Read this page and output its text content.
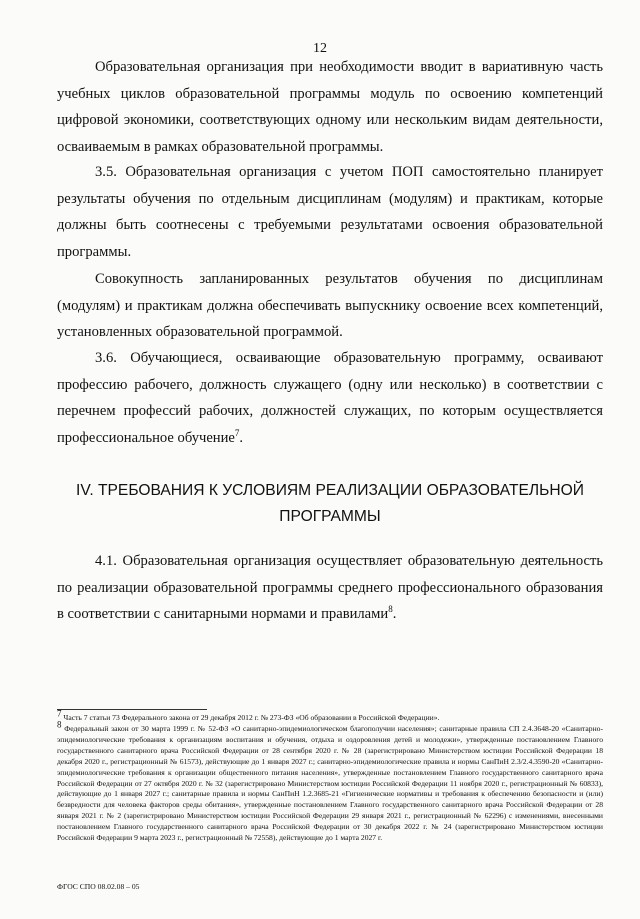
12

Образовательная организация при необходимости вводит в вариативную часть учебных циклов образовательной программы модуль по освоению компетенций цифровой экономики, соответствующих одному или нескольким видам деятельности, осваиваемым в рамках образовательной программы.

3.5. Образовательная организация с учетом ПОП самостоятельно планирует результаты обучения по отдельным дисциплинам (модулям) и практикам, которые должны быть соотнесены с требуемыми результатами освоения образовательной программы.

Совокупность запланированных результатов обучения по дисциплинам (модулям) и практикам должна обеспечивать выпускнику освоение всех компетенций, установленных образовательной программой.

3.6. Обучающиеся, осваивающие образовательную программу, осваивают профессию рабочего, должность служащего (одну или несколько) в соответствии с перечнем профессий рабочих, должностей служащих, по которым осуществляется профессиональное обучение$^7$.

IV. ТРЕБОВАНИЯ К УСЛОВИЯМ РЕАЛИЗАЦИИ ОБРАЗОВАТЕЛЬНОЙ ПРОГРАММЫ

4.1. Образовательная организация осуществляет образовательную деятельность по реализации образовательной программы среднего профессионального образования в соответствии с санитарными нормами и правилами$^8$.

$^7$ Часть 7 статьи 73 Федерального закона от 29 декабря 2012 г. № 273-ФЗ «Об образовании в Российской Федерации».

$^8$ Федеральный закон от 30 марта 1999 г. № 52-ФЗ «О санитарно-эпидемиологическом благополучии населения»; санитарные правила СП 2.4.3648-20 «Санитарно-эпидемиологические требования к организациям воспитания и обучения, отдыха и оздоровления детей и молодежи», утвержденные постановлением Главного государственного санитарного врача Российской Федерации от 28 сентября 2020 г. № 28 (зарегистрировано Министерством юстиции Российской Федерации 18 декабря 2020 г., регистрационный № 61573), действующие до 1 января 2027 г.; санитарно-эпидемиологические правила и нормы СанПиН 2.3/2.4.3590-20 «Санитарно-эпидемиологические требования к организации общественного питания населения», утвержденные постановлением Главного государственного санитарного врача Российской Федерации от 27 октября 2020 г. № 32 (зарегистрировано Министерством юстиции Российской Федерации 11 ноября 2020 г., регистрационный № 60833), действующие до 1 января 2027 г.; санитарные правила и нормы СанПиН 1.2.3685-21 «Гигиенические нормативы и требования к обеспечению безопасности и (или) безвредности для человека факторов среды обитания», утвержденные постановлением Главного государственного санитарного врача Российской Федерации от 28 января 2021 г. № 2 (зарегистрировано Министерством юстиции Российской Федерации 29 января 2021 г., регистрационный № 62296) с изменениями, внесенными постановлением Главного государственного санитарного врача Российской Федерации от 30 декабря 2022 г. № 24 (зарегистрировано Министерством юстиции Российской Федерации 9 марта 2023 г., регистрационный № 72558), действующие до 1 марта 2027 г.

ФГОС СПО 08.02.08 – 05
